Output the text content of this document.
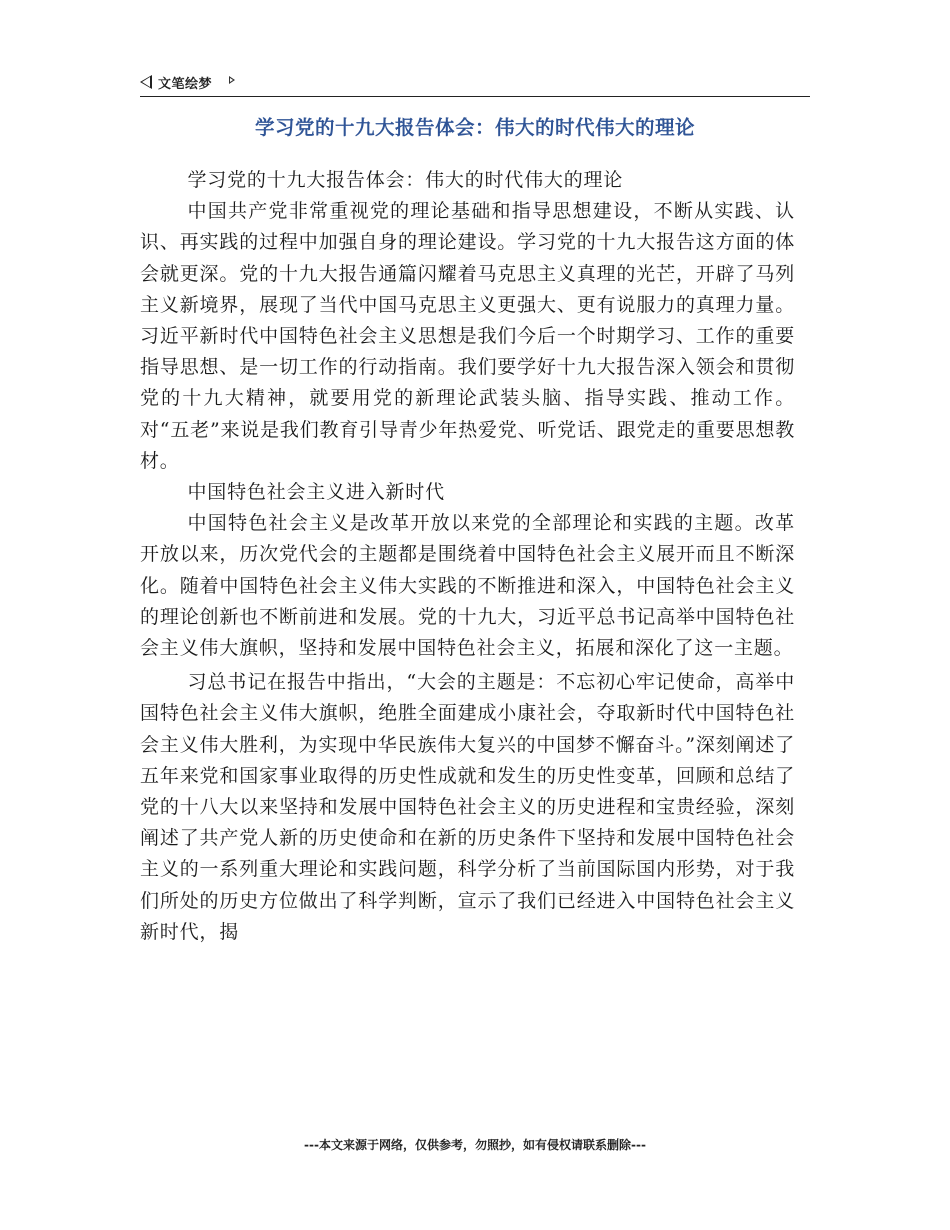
文笔绘梦
学习党的十九大报告体会：伟大的时代伟大的理论

学习党的十九大报告体会：伟大的时代伟大的理论

中国共产党非常重视党的理论基础和指导思想建设，不断从实践、认识、再实践的过程中加强自身的理论建设。学习党的十九大报告这方面的体会就更深。党的十九大报告通篇闪耀着马克思主义真理的光芒，开辟了马列主义新境界，展现了当代中国马克思主义更强大、更有说服力的真理力量。习近平新时代中国特色社会主义思想是我们今后一个时期学习、工作的重要指导思想、是一切工作的行动指南。我们要学好十九大报告深入领会和贯彻党的十九大精神，就要用党的新理论武装头脑、指导实践、推动工作。对“五老”来说是我们教育引导青少年热爱党、听党话、跟党走的重要思想教材。

中国特色社会主义进入新时代

中国特色社会主义是改革开放以来党的全部理论和实践的主题。改革开放以来，历次党代会的主题都是围绕着中国特色社会主义展开而且不断深化。随着中国特色社会主义伟大实践的不断推进和深入，中国特色社会主义的理论创新也不断前进和发展。党的十九大，习近平总书记高举中国特色社会主义伟大旗帜，坚持和发展中国特色社会主义，拓展和深化了这一主题。

习总书记在报告中指出，“大会的主题是：不忘初心牢记使命，高举中国特色社会主义伟大旗帜，绝胜全面建成小康社会，夺取新时代中国特色社会主义伟大胜利，为实现中华民族伟大复兴的中国梦不懈奋斗。”深刻阐述了五年来党和国家事业取得的历史性成就和发生的历史性变革，回顾和总结了党的十八大以来坚持和发展中国特色社会主义的历史进程和宝贵经验，深刻阐述了共产党人新的历史使命和在新的历史条件下坚持和发展中国特色社会主义的一系列重大理论和实践问题，科学分析了当前国际国内形势，对于我们所处的历史方位做出了科学判断，宣示了我们已经进入中国特色社会主义新时代，揭

---本文来源于网络，仅供参考，勿照抄，如有侵权请联系删除---
